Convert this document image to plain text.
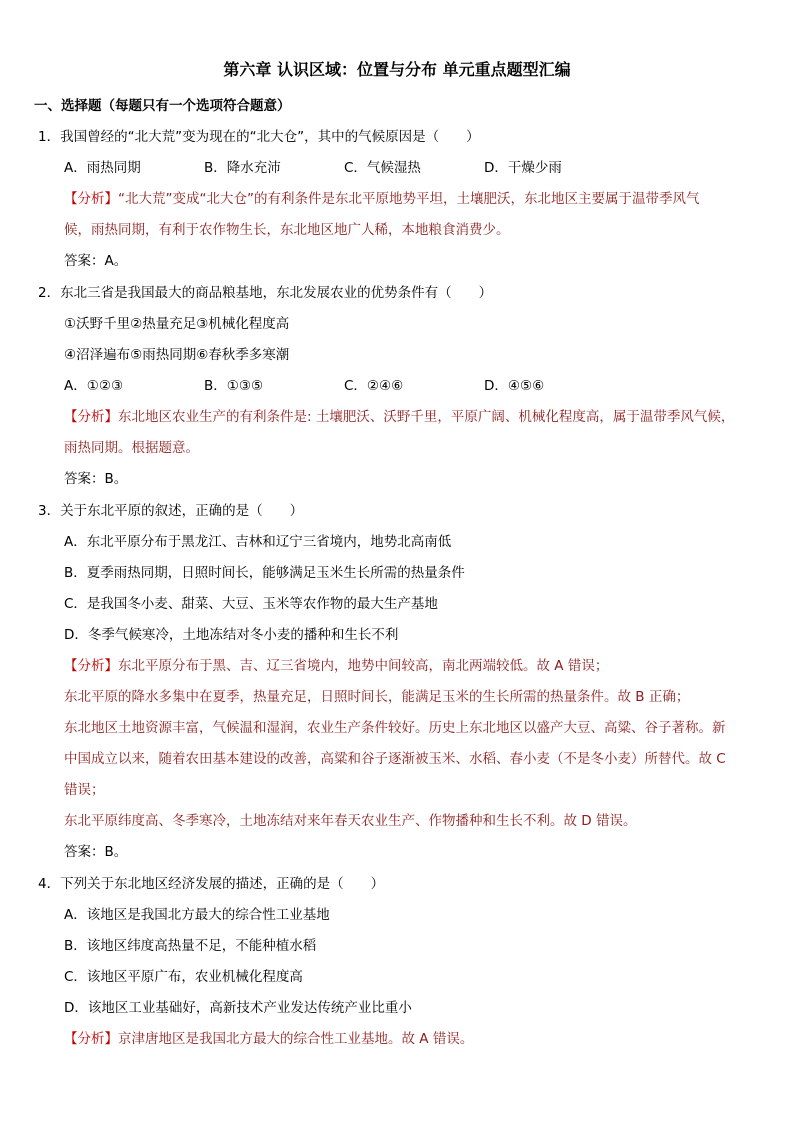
第六章 认识区域：位置与分布 单元重点题型汇编
一、选择题（每题只有一个选项符合题意）
1．我国曾经的“北大荒”变为现在的“北大仓”，其中的气候原因是（　　）
A．雨热同期	B．降水充沛	C．气候湿热	D．干燥少雨
【分析】“北大荒”变成“北大仓”的有利条件是东北平原地势平坦，土壤肥沃，东北地区主要属于温带季风气
候，雨热同期，有利于农作物生长，东北地区地广人稀，本地粮食消费少。
答案：A。
2．东北三省是我国最大的商品粮基地，东北发展农业的优势条件有（　　）
①沃野千里②热量充足③机械化程度高
④沼泽遍布⑤雨热同期⑥春秋季多寒潮
A．①②③	B．①③⑤	C．②④⑥	D．④⑤⑥
【分析】东北地区农业生产的有利条件是: 土壤肥沃、沃野千里，平原广阔、机械化程度高，属于温带季风气候，
雨热同期。根据题意。
答案：B。
3．关于东北平原的叙述，正确的是（　　）
A．东北平原分布于黑龙江、吉林和辽宁三省境内，地势北高南低
B．夏季雨热同期，日照时间长，能够满足玉米生长所需的热量条件
C．是我国冬小麦、甜菜、大豆、玉米等农作物的最大生产基地
D．冬季气候寒冷，土地冻结对冬小麦的播种和生长不利
【分析】东北平原分布于黑、吉、辽三省境内，地势中间较高，南北两端较低。故 A 错误；
东北平原的降水多集中在夏季，热量充足，日照时间长，能满足玉米的生长所需的热量条件。故 B 正确；
东北地区土地资源丰富，气候温和湿润，农业生产条件较好。历史上东北地区以盛产大豆、高粱、谷子著称。新
中国成立以来，随着农田基本建设的改善，高粱和谷子逐渐被玉米、水稻、春小麦（不是冬小麦）所替代。故 C
错误；
东北平原纬度高、冬季寒冷，土地冻结对来年春天农业生产、作物播种和生长不利。故 D 错误。
答案：B。
4．下列关于东北地区经济发展的描述，正确的是（　　）
A．该地区是我国北方最大的综合性工业基地
B．该地区纬度高热量不足，不能种植水稻
C．该地区平原广布，农业机械化程度高
D．该地区工业基础好，高新技术产业发达传统产业比重小
【分析】京津唐地区是我国北方最大的综合性工业基地。故 A 错误。
